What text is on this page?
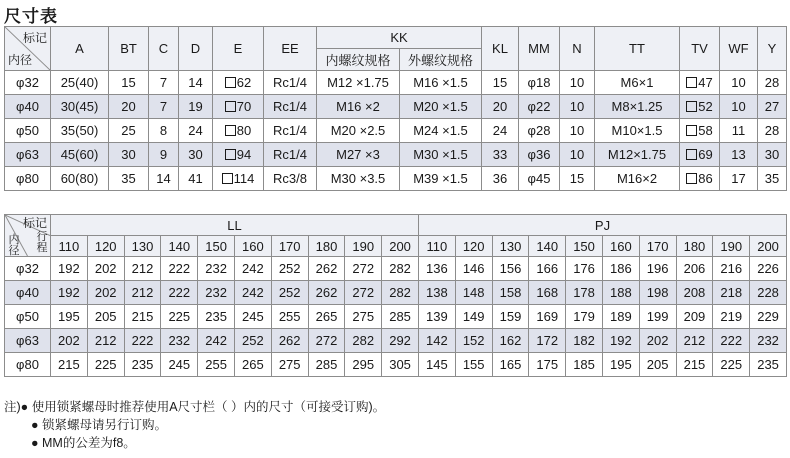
尺寸表
标记
内径	A	BT	C	D	E	EE	KK		KL	MM	N	TT	TV	WF	Y
							内螺纹规格	外螺纹规格							
φ32	25(40)	15	7	14	62	Rc1/4	M12 ×1.75	M16 ×1.5	15	φ18	10	M6×1	47	10	28
φ40	30(45)	20	7	19	70	Rc1/4	M16 ×2	M20 ×1.5	20	φ22	10	M8×1.25	52	10	27
φ50	35(50)	25	8	24	80	Rc1/4	M20 ×2.5	M24 ×1.5	24	φ28	10	M10×1.5	58	11	28
φ63	45(60)	30	9	30	94	Rc1/4	M27 ×3	M30 ×1.5	33	φ36	10	M12×1.75	69	13	30
φ80	60(80)	35	14	41	114	Rc3/8	M30 ×3.5	M39 ×1.5	36	φ45	15	M16×2	86	17	35
标记
行程
内径	LL										PJ									
	110	120	130	140	150	160	170	180	190	200	110	120	130	140	150	160	170	180	190	200
φ32	192	202	212	222	232	242	252	262	272	282	136	146	156	166	176	186	196	206	216	226
φ40	192	202	212	222	232	242	252	262	272	282	138	148	158	168	178	188	198	208	218	228
φ50	195	205	215	225	235	245	255	265	275	285	139	149	159	169	179	189	199	209	219	229
φ63	202	212	222	232	242	252	262	272	282	292	142	152	162	172	182	192	202	212	222	232
φ80	215	225	235	245	255	265	275	285	295	305	145	155	165	175	185	195	205	215	225	235
注)● 使用锁紧螺母时推荐使用A尺寸栏（ ）内的尺寸（可接受订购)。
● 锁紧螺母请另行订购。
● MM的公差为f8。
